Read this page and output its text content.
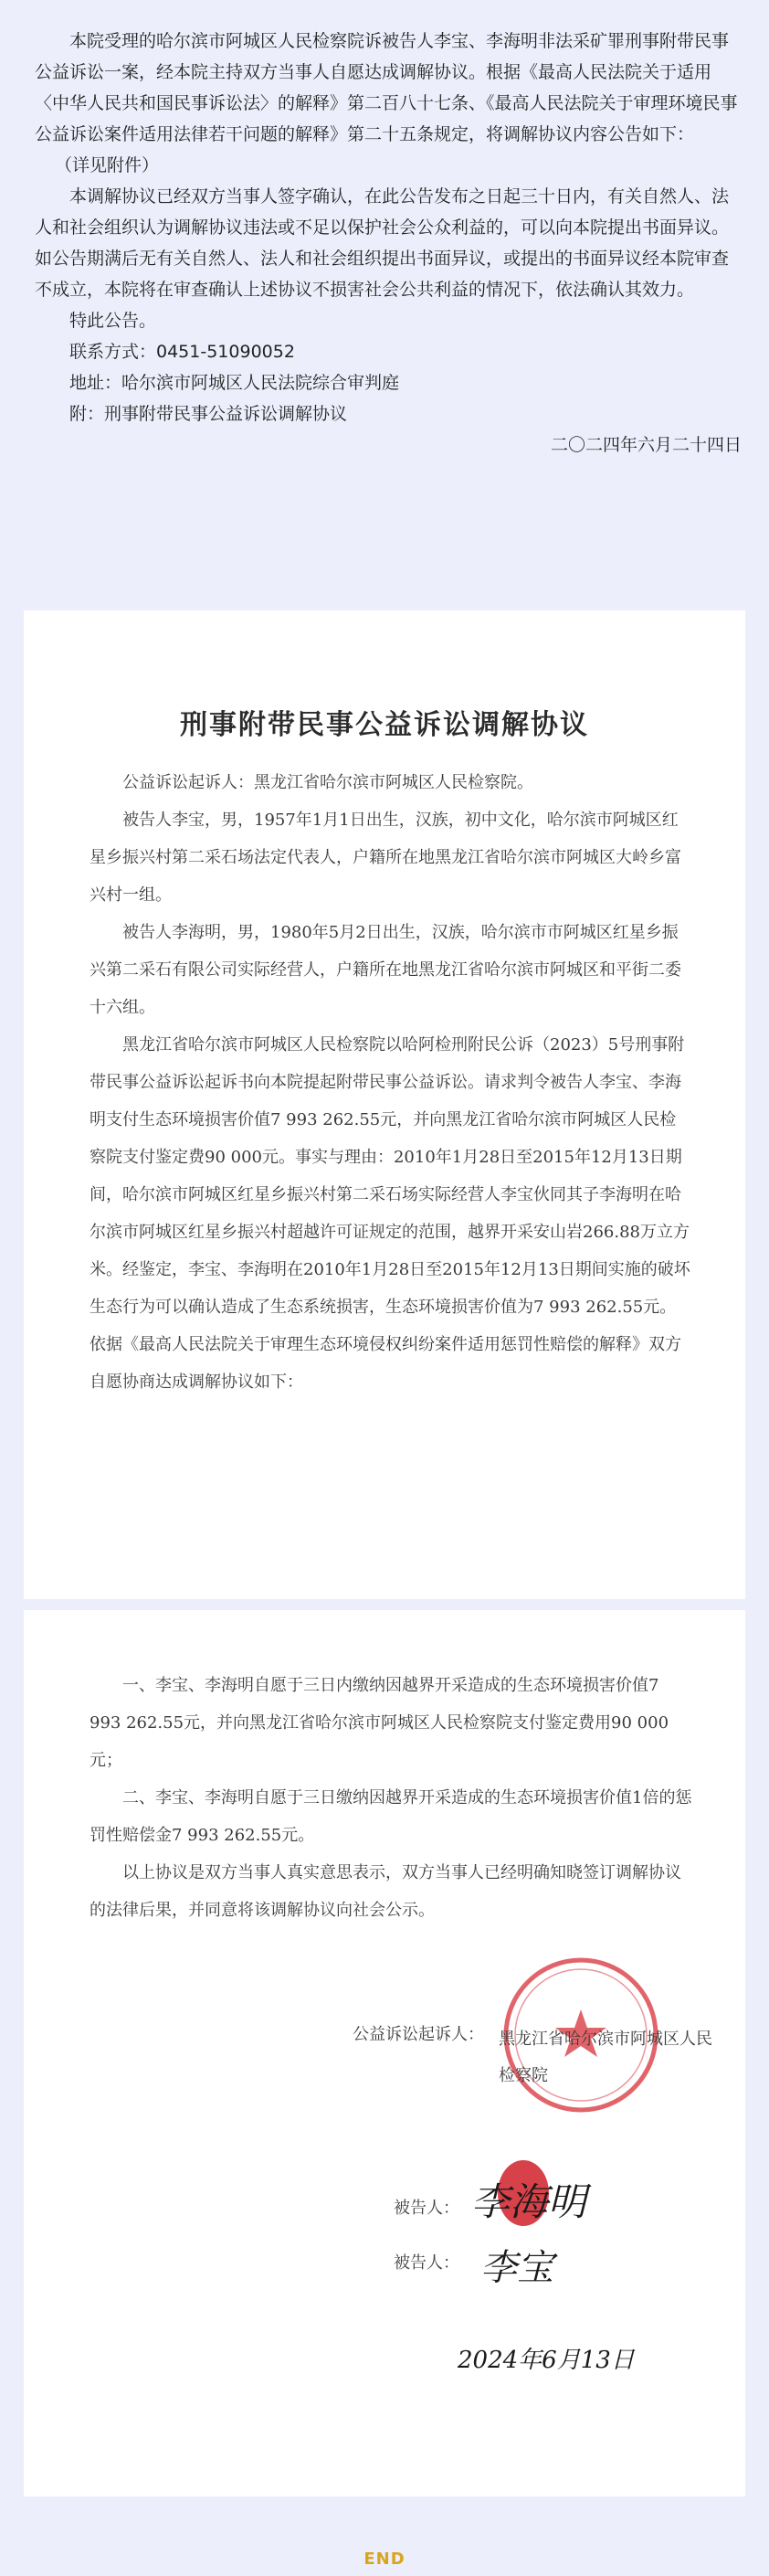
本院受理的哈尔滨市阿城区人民检察院诉被告人李宝、李海明非法采矿罪刑事附带民事公益诉讼一案，经本院主持双方当事人自愿达成调解协议。根据《最高人民法院关于适用〈中华人民共和国民事诉讼法〉的解释》第二百八十七条、《最高人民法院关于审理环境民事公益诉讼案件适用法律若干问题的解释》第二十五条规定，将调解协议内容公告如下：

（详见附件）

本调解协议已经双方当事人签字确认，在此公告发布之日起三十日内，有关自然人、法人和社会组织认为调解协议违法或不足以保护社会公众利益的，可以向本院提出书面异议。如公告期满后无有关自然人、法人和社会组织提出书面异议，或提出的书面异议经本院审查不成立，本院将在审查确认上述协议不损害社会公共利益的情况下，依法确认其效力。

特此公告。

联系方式：0451-51090052

地址：哈尔滨市阿城区人民法院综合审判庭

附：刑事附带民事公益诉讼调解协议

二〇二四年六月二十四日

刑事附带民事公益诉讼调解协议

公益诉讼起诉人：黑龙江省哈尔滨市阿城区人民检察院。

被告人李宝，男，1957年1月1日出生，汉族，初中文化，哈尔滨市阿城区红星乡振兴村第二采石场法定代表人，户籍所在地黑龙江省哈尔滨市阿城区大岭乡富兴村一组。

被告人李海明，男，1980年5月2日出生，汉族，哈尔滨市市阿城区红星乡振兴第二采石有限公司实际经营人，户籍所在地黑龙江省哈尔滨市阿城区和平街二委十六组。

黑龙江省哈尔滨市阿城区人民检察院以哈阿检刑附民公诉（2023）5号刑事附带民事公益诉讼起诉书向本院提起附带民事公益诉讼。请求判令被告人李宝、李海明支付生态环境损害价值7 993 262.55元，并向黑龙江省哈尔滨市阿城区人民检察院支付鉴定费90 000元。事实与理由：2010年1月28日至2015年12月13日期间，哈尔滨市阿城区红星乡振兴村第二采石场实际经营人李宝伙同其子李海明在哈尔滨市阿城区红星乡振兴村超越许可证规定的范围，越界开采安山岩266.88万立方米。经鉴定，李宝、李海明在2010年1月28日至2015年12月13日期间实施的破坏生态行为可以确认造成了生态系统损害，生态环境损害价值为7 993 262.55元。依据《最高人民法院关于审理生态环境侵权纠纷案件适用惩罚性赔偿的解释》双方自愿协商达成调解协议如下：

一、李宝、李海明自愿于三日内缴纳因越界开采造成的生态环境损害价值7 993 262.55元，并向黑龙江省哈尔滨市阿城区人民检察院支付鉴定费用90 000元；

二、李宝、李海明自愿于三日缴纳因越界开采造成的生态环境损害价值1倍的惩罚性赔偿金7 993 262.55元。

以上协议是双方当事人真实意思表示，双方当事人已经明确知晓签订调解协议的法律后果，并同意将该调解协议向社会公示。

公益诉讼起诉人： 黑龙江省哈尔滨市阿城区人民检察院
被告人： 李海明
被告人： 李宝
2024年6月13日
END
